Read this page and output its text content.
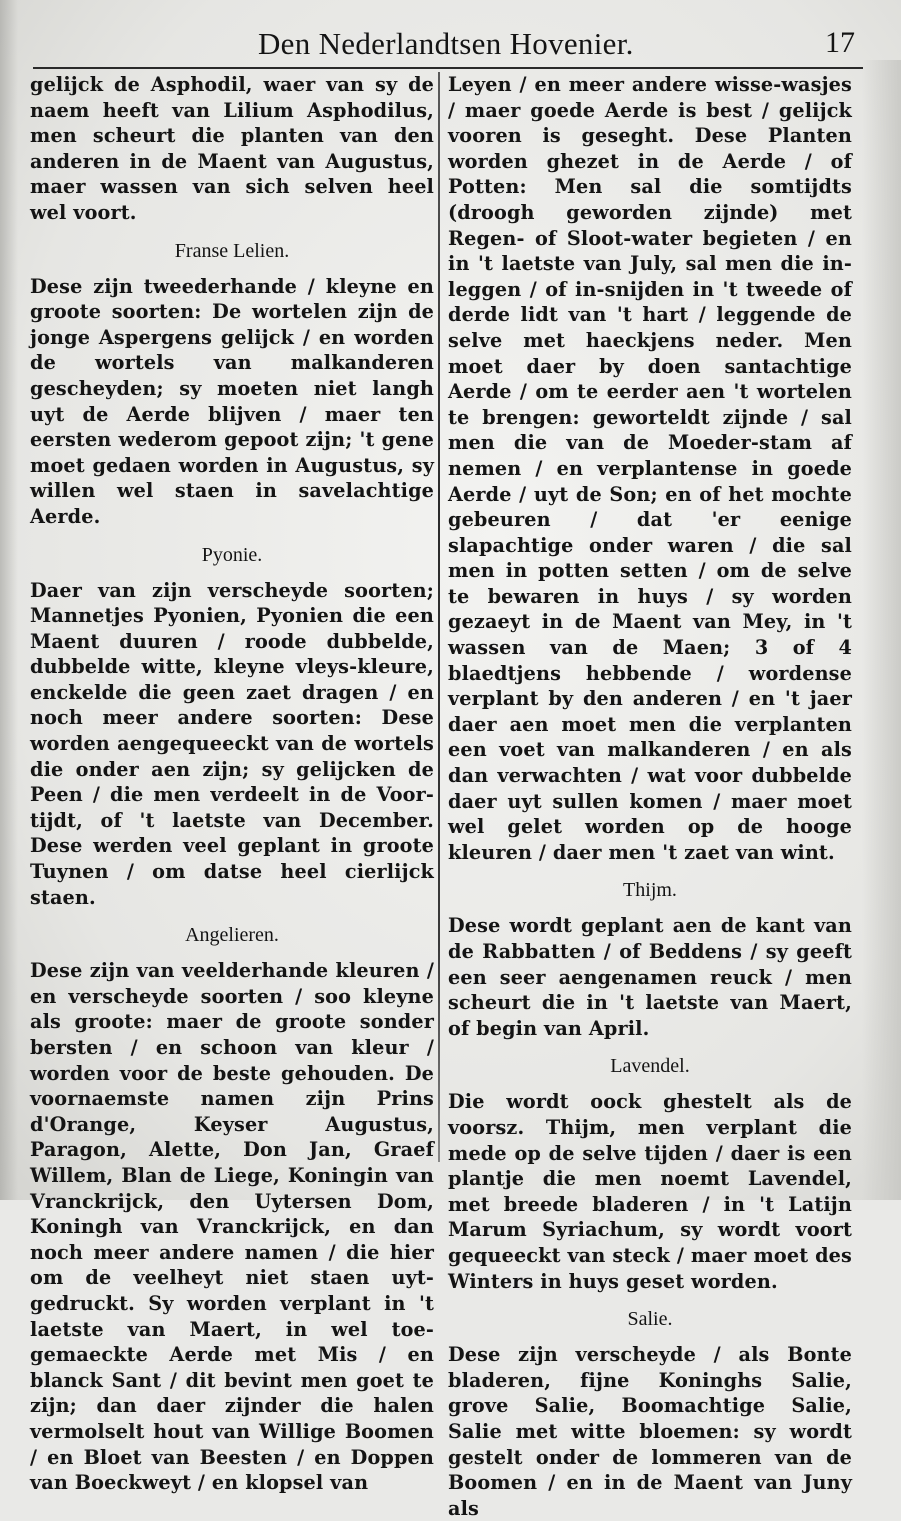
Den Nederlandtsen Hovenier.	17

gelijck de Asphodil, waer van sy de naem heeft van Lilium Asphodilus, men scheurt die planten van den anderen in de Maent van Augustus, maer wassen van sich selven heel wel voort.

Franse Lelien.

Dese zijn tweederhande / kleyne en groote soorten: De wortelen zijn de jonge Aspergens gelijck / en worden de wortels van malkanderen gescheyden; sy moeten niet langh uyt de Aerde blijven / maer ten eersten wederom gepoot zijn; 't gene moet gedaen worden in Augustus, sy willen wel staen in savelachtige Aerde.

Pyonie.

Daer van zijn verscheyde soorten; Mannetjes Pyonien, Pyonien die een Maent duuren / roode dubbelde, dubbelde witte, kleyne vleys-kleure, enckelde die geen zaet dragen / en noch meer andere soorten: Dese worden aengequeeckt van de wortels die onder aen zijn; sy gelijcken de Peen / die men verdeelt in de Voor-tijdt, of 't laetste van December. Dese werden veel geplant in groote Tuynen / om datse heel cierlijck staen.

Angelieren.

Dese zijn van veelderhande kleuren / en verscheyde soorten / soo kleyne als groote: maer de groote sonder bersten / en schoon van kleur / worden voor de beste gehouden. De voornaemste namen zijn Prins d'Orange, Keyser Augustus, Paragon, Alette, Don Jan, Graef Willem, Blan de Liege, Koningin van Vranckrijck, den Uytersen Dom, Koningh van Vranckrijck, en dan noch meer andere namen / die hier om de veelheyt niet staen uyt-gedruckt. Sy worden verplant in 't laetste van Maert, in wel toe-gemaeckte Aerde met Mis / en blanck Sant / dit bevint men goet te zijn; dan daer zijnder die halen vermolselt hout van Willige Boomen / en Bloet van Beesten / en Doppen van Boeckweyt / en klopsel van

Leyen / en meer andere wisse-wasjes / maer goede Aerde is best / gelijck vooren is geseght. Dese Planten worden ghezet in de Aerde / of Potten: Men sal die somtijdts (droogh geworden zijnde) met Regen- of Sloot-water begieten / en in 't laetste van July, sal men die in-leggen / of in-snijden in 't tweede of derde lidt van 't hart / leggende de selve met haeckjens neder. Men moet daer by doen santachtige Aerde / om te eerder aen 't wortelen te brengen: geworteldt zijnde / sal men die van de Moeder-stam af nemen / en verplantense in goede Aerde / uyt de Son; en of het mochte gebeuren / dat 'er eenige slapachtige onder waren / die sal men in potten setten / om de selve te bewaren in huys / sy worden gezaeyt in de Maent van Mey, in 't wassen van de Maen; 3 of 4 blaedtjens hebbende / wordense verplant by den anderen / en 't jaer daer aen moet men die verplanten een voet van malkanderen / en als dan verwachten / wat voor dubbelde daer uyt sullen komen / maer moet wel gelet worden op de hooge kleuren / daer men 't zaet van wint.

Thijm.

Dese wordt geplant aen de kant van de Rabbatten / of Beddens / sy geeft een seer aengenamen reuck / men scheurt die in 't laetste van Maert, of begin van April.

Lavendel.

Die wordt oock ghestelt als de voorsz. Thijm, men verplant die mede op de selve tijden / daer is een plantje die men noemt Lavendel, met breede bladeren / in 't Latijn Marum Syriachum, sy wordt voort gequeeckt van steck / maer moet des Winters in huys geset worden.

Salie.

Dese zijn verscheyde / als Bonte bladeren, fijne Koninghs Salie, grove Salie, Boomachtige Salie, Salie met witte bloemen: sy wordt gestelt onder de lommeren van de Boomen / en in de Maent van Juny als
